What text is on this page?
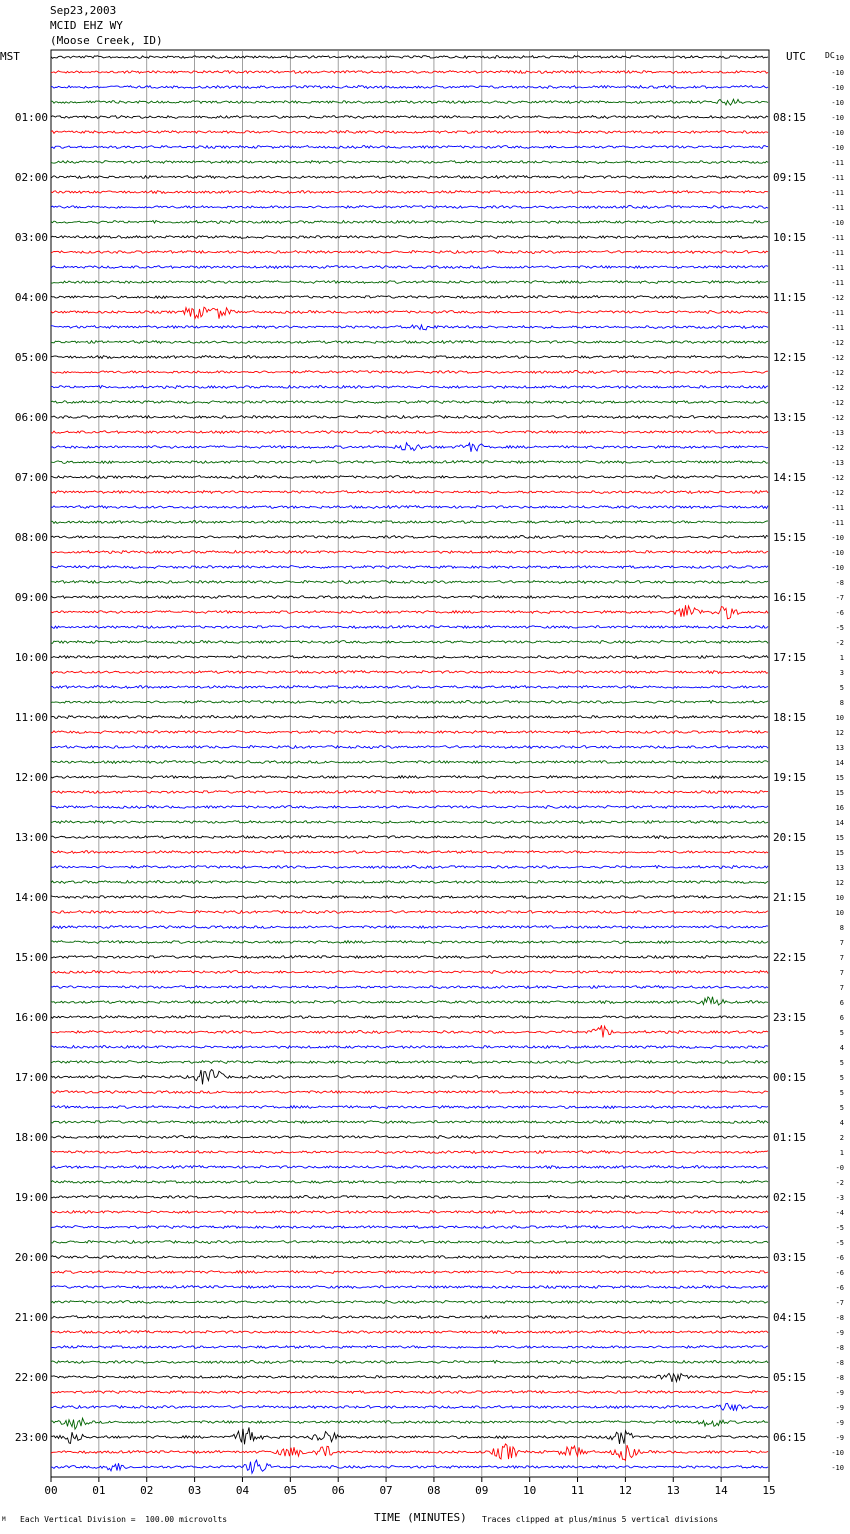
Sep23,2003
MCID EHZ WY
(Moose Creek, ID)
MST	UTC DC
00	01	02	03	04	05	06	07	08	09	10	11	12	13	14	15
-10
-10
-10
-10
-10
-10
-10
-11
-11
-11
-11
-10
-11
-11
-11
-11
-12
-11
-11
-12
-12
-12
-12
-12
-12
-13
-12
-13
-12
-12
-11
-11
-10
-10
-10
-8
-7
-6
-5
-2
1
3
5
8
10
12
13
14
15
15
16
14
15
15
13
12
10
10
8
7
7
7
7
6
6
5
4
5
5
5
5
4
2
1
-0
-2
-3
-4
-5
-5
-6
-6
-6
-7
-8
-9
-8
-8
-8
-9
-9
-9
-9
-10
-10
01:00
02:00
03:00
04:00
05:00
06:00
07:00
08:00
09:00
10:00
11:00
12:00
13:00
14:00
15:00
16:00
17:00
18:00
19:00
20:00
21:00
22:00
23:00
08:15
09:15
10:15
11:15
12:15
13:15
14:15
15:15
16:15
17:15
18:15
19:15
20:15
21:15
22:15
23:15
00:15
01:15
02:15
03:15
04:15
05:15
06:15
M Each Vertical Division =  100.00 microvolts	TIME (MINUTES) Traces clipped at plus/minus 5 vertical divisions
